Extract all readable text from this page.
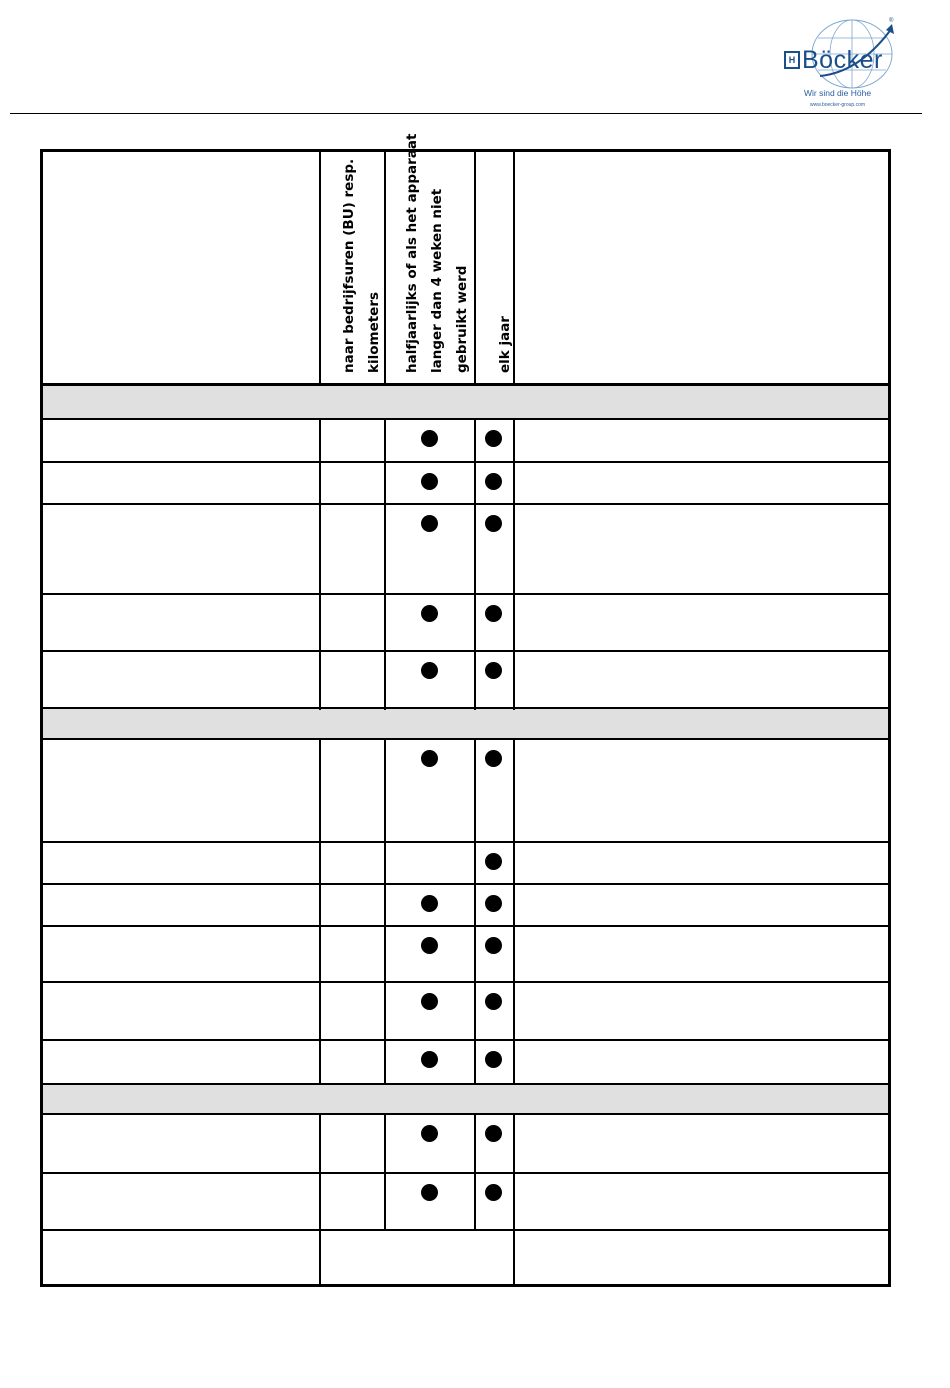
H Böcker
Wir sind die Höhe
www.boecker-group.com
®
naar bedrijfsuren (BU) resp. kilometers	halfjaarlijks of als het apparaat langer dan 4 weken niet gebruikt werd	elk jaar
